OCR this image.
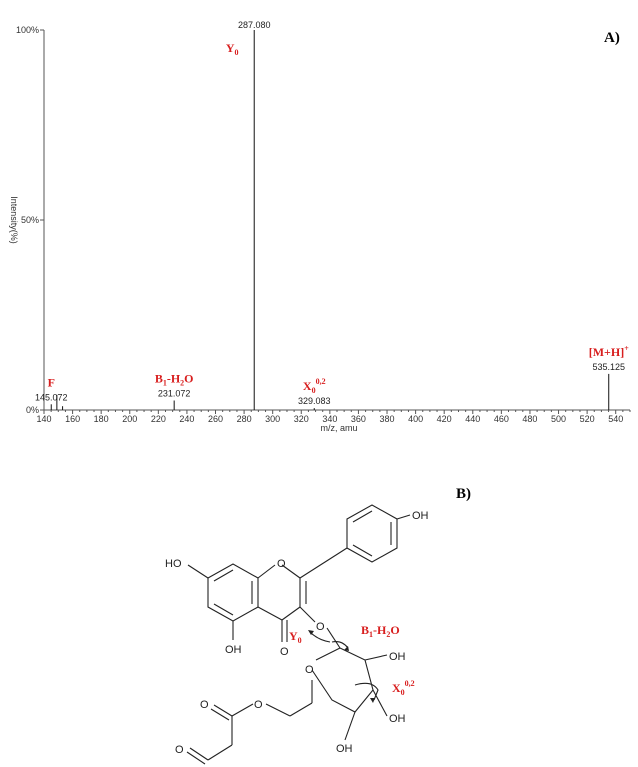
0%
50%
100%
140 160 180 200 220 240 260 280 300 320 340 360 380 400 420 440 460 480 500 520 540
145.072	231.072
287.080
329.083
535.125
F	$B_1-H_2O$
$Y_0$
$X_0^{0,2}$
[M+H]+
m/z, amu
Intensity(%)
A)
B)
OH
O
HO
OH	O
O
O
OH
OH
OH
O
O
O
$Y_0$
$B_1-H_2O$
$X_0^{0,2}$
